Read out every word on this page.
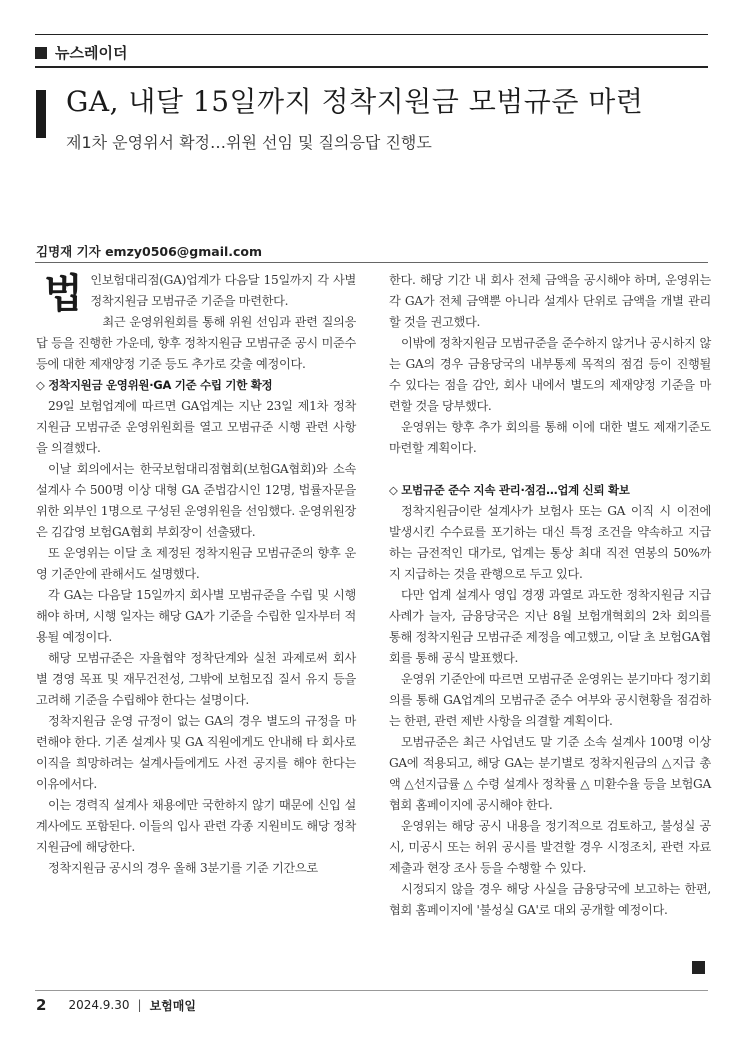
뉴스레이더
GA, 내달 15일까지 정착지원금 모범규준 마련
제1차 운영위서 확정…위원 선임 및 질의응답 진행도
김명재 기자 emzy0506@gmail.com
법 인보험대리점(GA)업계가 다음달 15일까지 각 사별 정착지원금 모범규준 기준을 마련한다.

최근 운영위원회를 통해 위원 선임과 관련 질의응답 등을 진행한 가운데, 향후 정착지원금 모범규준 공시 미준수 등에 대한 제재양정 기준 등도 추가로 갖출 예정이다.

◇ 정착지원금 운영위원·GA 기준 수립 기한 확정

29일 보험업계에 따르면 GA업계는 지난 23일 제1차 정착지원금 모범규준 운영위원회를 열고 모범규준 시행 관련 사항을 의결했다.

이날 회의에서는 한국보험대리점협회(보험GA협회)와 소속 설계사 수 500명 이상 대형 GA 준법감시인 12명, 법률자문을 위한 외부인 1명으로 구성된 운영위원을 선임했다. 운영위원장은 김갑영 보험GA협회 부회장이 선출됐다.

또 운영위는 이달 초 제정된 정착지원금 모범규준의 향후 운영 기준안에 관해서도 설명했다.

각 GA는 다음달 15일까지 회사별 모범규준을 수립 및 시행해야 하며, 시행 일자는 해당 GA가 기준을 수립한 일자부터 적용될 예정이다.

해당 모범규준은 자율협약 정착단계와 실천 과제로써 회사별 경영 목표 및 재무건전성, 그밖에 보험모집 질서 유지 등을 고려해 기준을 수립해야 한다는 설명이다.

정착지원금 운영 규정이 없는 GA의 경우 별도의 규정을 마련해야 한다. 기존 설계사 및 GA 직원에게도 안내해 타 회사로 이직을 희망하려는 설계사들에게도 사전 공지를 해야 한다는 이유에서다.

이는 경력직 설계사 채용에만 국한하지 않기 때문에 신입 설계사에도 포함된다. 이들의 입사 관련 각종 지원비도 해당 정착지원금에 해당한다.

정착지원금 공시의 경우 올해 3분기를 기준 기간으로

한다. 해당 기간 내 회사 전체 금액을 공시해야 하며, 운영위는 각 GA가 전체 금액뿐 아니라 설계사 단위로 금액을 개별 관리할 것을 권고했다.

이밖에 정착지원금 모범규준을 준수하지 않거나 공시하지 않는 GA의 경우 금융당국의 내부통제 목적의 점검 등이 진행될 수 있다는 점을 감안, 회사 내에서 별도의 제재양정 기준을 마련할 것을 당부했다.

운영위는 향후 추가 회의를 통해 이에 대한 별도 제재기준도 마련할 계획이다.

◇ 모범규준 준수 지속 관리·점검…업계 신뢰 확보

정착지원금이란 설계사가 보험사 또는 GA 이직 시 이전에 발생시킨 수수료를 포기하는 대신 특정 조건을 약속하고 지급하는 금전적인 대가로, 업계는 통상 최대 직전 연봉의 50%까지 지급하는 것을 관행으로 두고 있다.

다만 업계 설계사 영입 경쟁 과열로 과도한 정착지원금 지급 사례가 늘자, 금융당국은 지난 8월 보험개혁회의 2차 회의를 통해 정착지원금 모범규준 제정을 예고했고, 이달 초 보험GA협회를 통해 공식 발표했다.

운영위 기준안에 따르면 모범규준 운영위는 분기마다 정기회의를 통해 GA업계의 모범규준 준수 여부와 공시현황을 점검하는 한편, 관련 제반 사항을 의결할 계획이다.

모범규준은 최근 사업년도 말 기준 소속 설계사 100명 이상 GA에 적용되고, 해당 GA는 분기별로 정착지원금의 △지급 총액 △선지급률 △ 수령 설계사 정착률 △ 미환수율 등을 보험GA협회 홈페이지에 공시해야 한다.

운영위는 해당 공시 내용을 정기적으로 검토하고, 불성실 공시, 미공시 또는 허위 공시를 발견할 경우 시정조치, 관련 자료 제출과 현장 조사 등을 수행할 수 있다.

시정되지 않을 경우 해당 사실을 금융당국에 보고하는 한편, 협회 홈페이지에 '불성실 GA'로 대외 공개할 예정이다.

2 2024.9.30 | 보험매일
